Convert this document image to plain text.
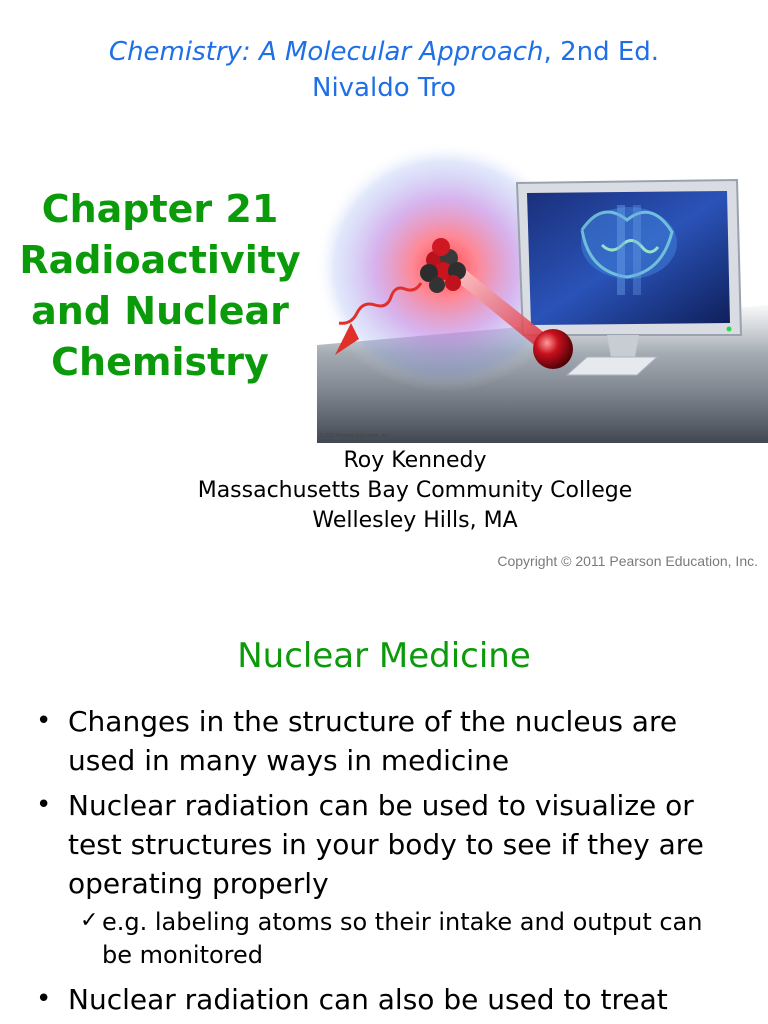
Chemistry: A Molecular Approach, 2nd Ed.
Nivaldo Tro
Chapter 21
Radioactivity
and Nuclear
Chemistry
© 2011 Pearson Education, Inc.
Roy Kennedy
Massachusetts Bay Community College
Wellesley Hills, MA
Copyright © 2011 Pearson Education, Inc.
Nuclear Medicine
• Changes in the structure of the nucleus are used in many ways in medicine
• Nuclear radiation can be used to visualize or test structures in your body to see if they are operating properly
✓ e.g. labeling atoms so their intake and output can be monitored
• Nuclear radiation can also be used to treat
